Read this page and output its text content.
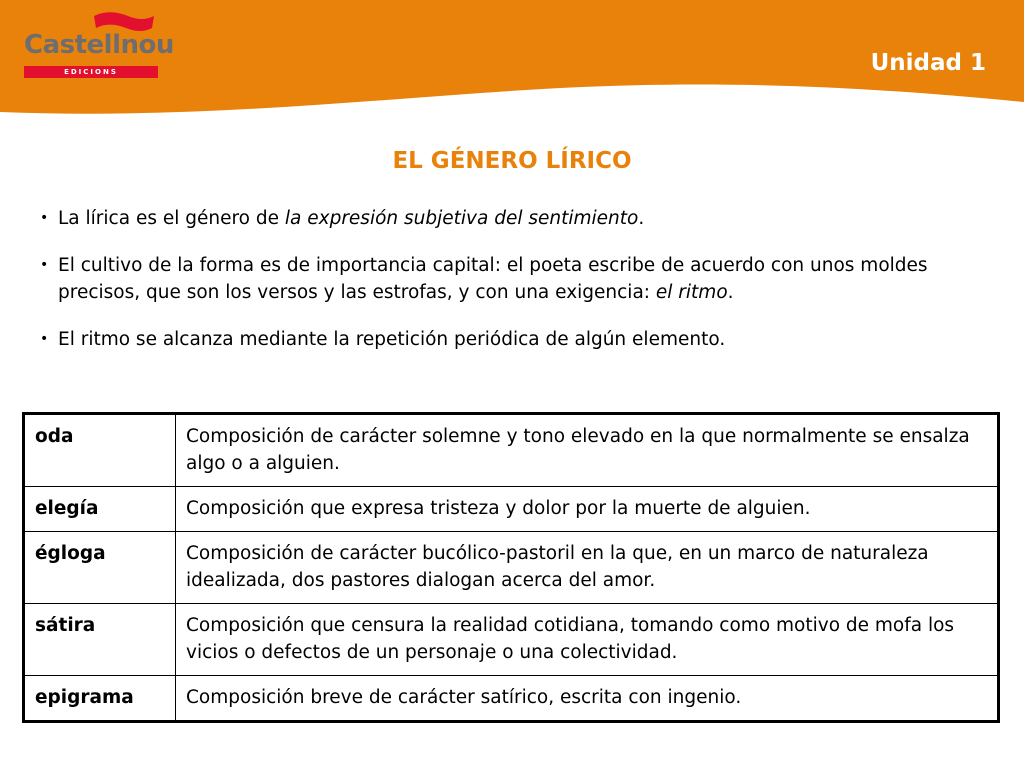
Castellnou
EDICIONS	Unidad 1
EL GÉNERO LÍRICO
• La lírica es el género de la expresión subjetiva del sentimiento.
• El cultivo de la forma es de importancia capital: el poeta escribe de acuerdo con unos moldes precisos, que son los versos y las estrofas, y con una exigencia: el ritmo.
• El ritmo se alcanza mediante la repetición periódica de algún elemento.
oda	Composición de carácter solemne y tono elevado en la que normalmente se ensalza algo o a alguien.
elegía	Composición que expresa tristeza y dolor por la muerte de alguien.
égloga	Composición de carácter bucólico-pastoril en la que, en un marco de naturaleza idealizada, dos pastores dialogan acerca del amor.
sátira	Composición que censura la realidad cotidiana, tomando como motivo de mofa los vicios o defectos de un personaje o una colectividad.
epigrama	Composición breve de carácter satírico, escrita con ingenio.
